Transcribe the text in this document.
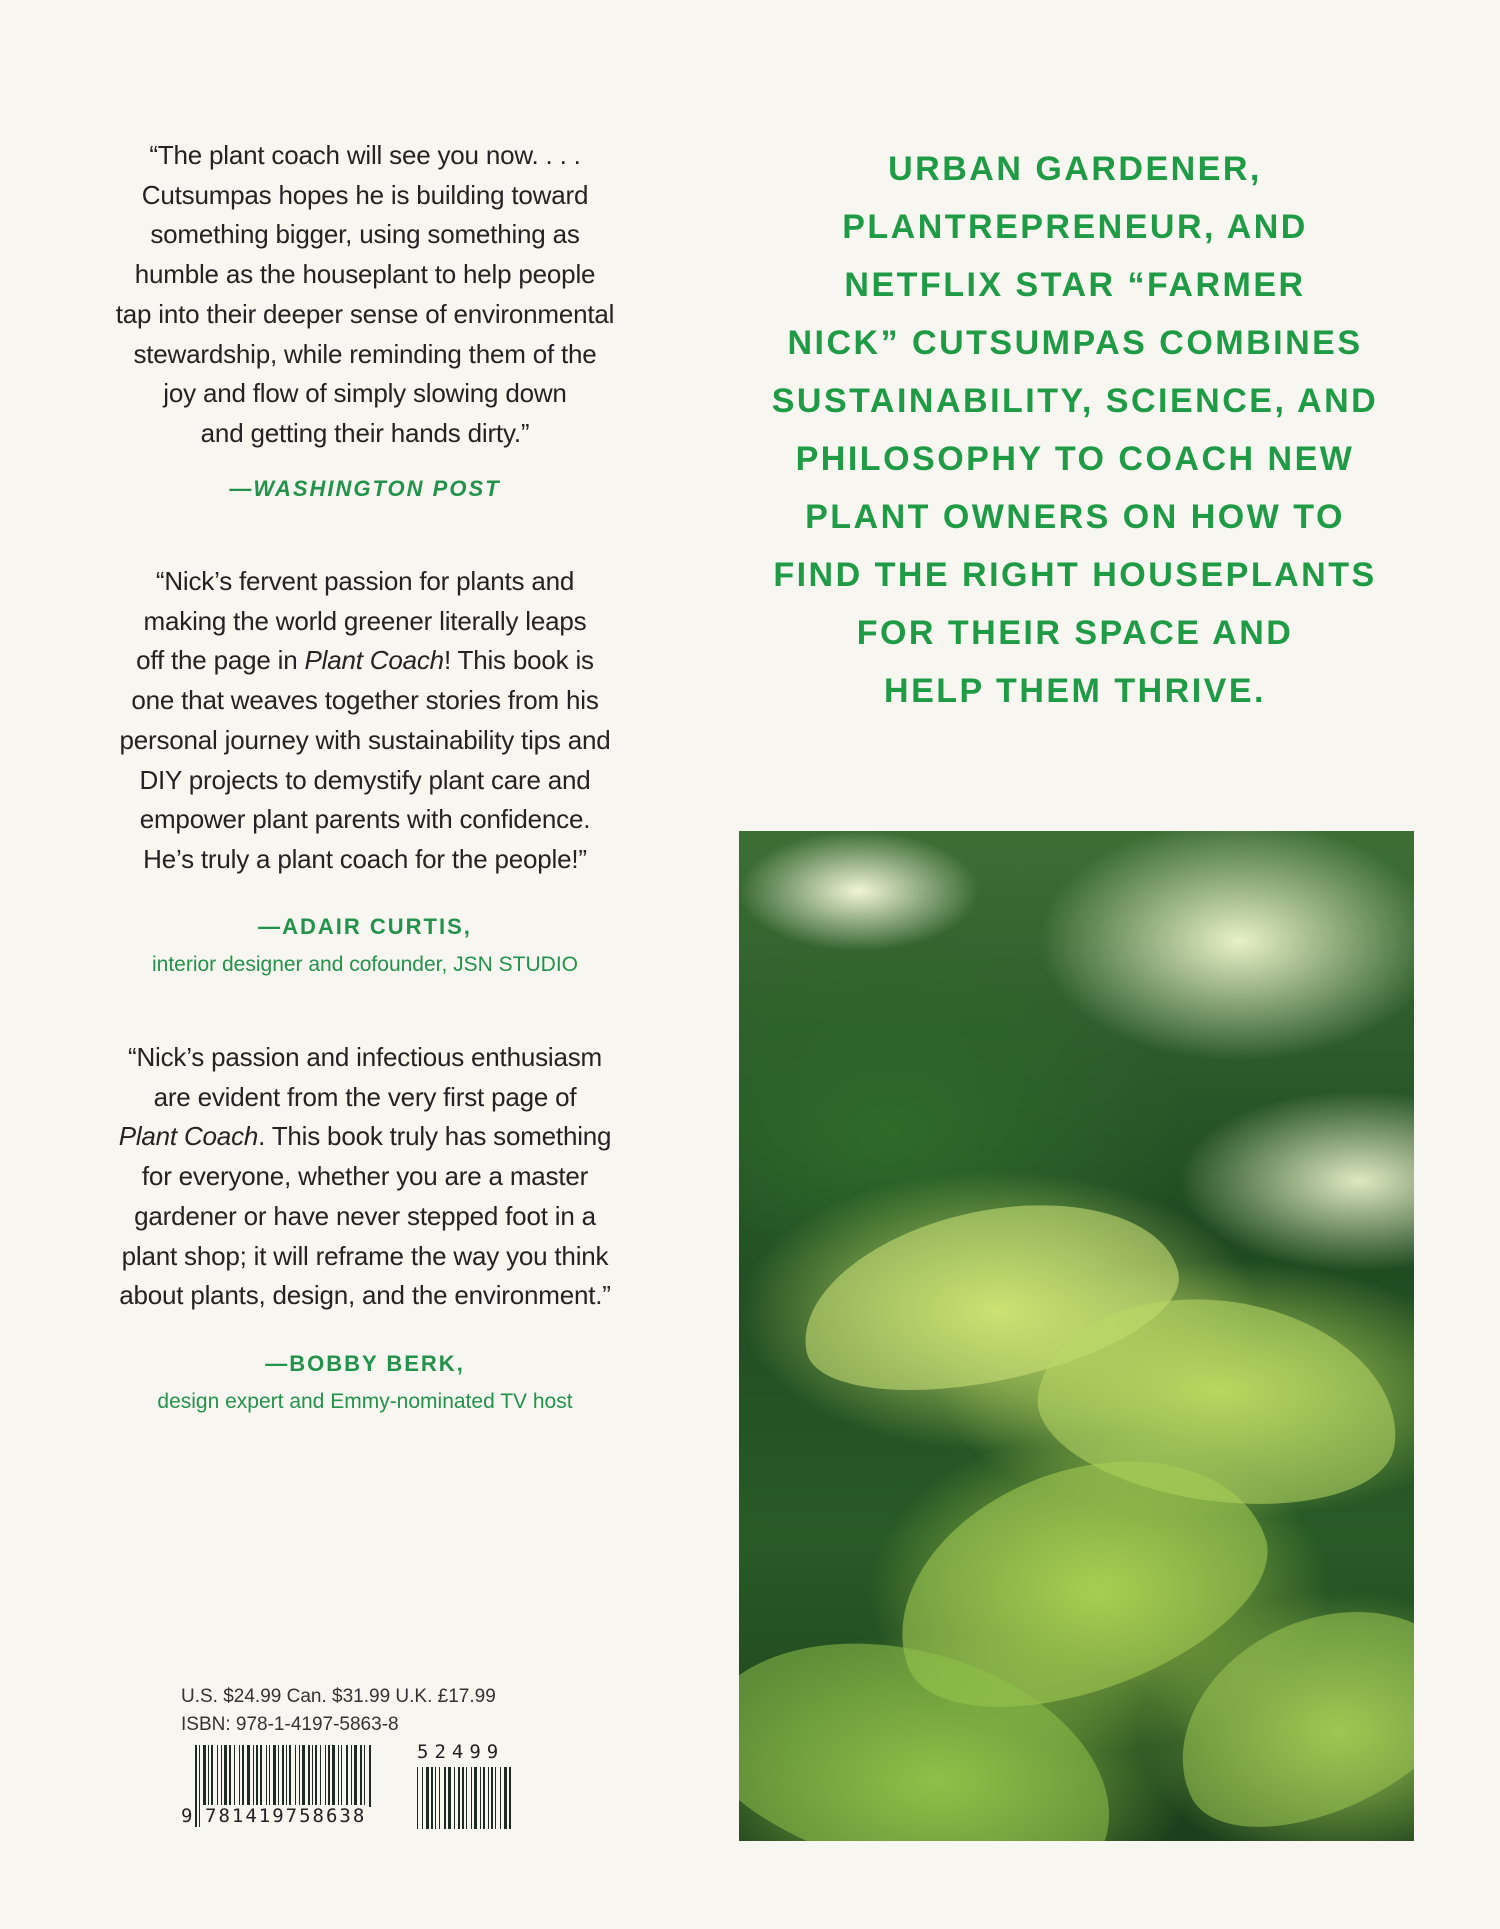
“The plant coach will see you now. . . .
Cutsumpas hopes he is building toward
something bigger, using something as
humble as the houseplant to help people
tap into their deeper sense of environmental
stewardship, while reminding them of the
joy and flow of simply slowing down
and getting their hands dirty.”
—WASHINGTON POST
“Nick’s fervent passion for plants and
making the world greener literally leaps
off the page in Plant Coach! This book is
one that weaves together stories from his
personal journey with sustainability tips and
DIY projects to demystify plant care and
empower plant parents with confidence.
He’s truly a plant coach for the people!”
—ADAIR CURTIS,
interior designer and cofounder, JSN STUDIO
“Nick’s passion and infectious enthusiasm
are evident from the very first page of
Plant Coach. This book truly has something
for everyone, whether you are a master
gardener or have never stepped foot in a
plant shop; it will reframe the way you think
about plants, design, and the environment.”
—BOBBY BERK,
design expert and Emmy-nominated TV host
URBAN GARDENER,
PLANTREPRENEUR, AND
NETFLIX STAR “FARMER
NICK” CUTSUMPAS COMBINES
SUSTAINABILITY, SCIENCE, AND
PHILOSOPHY TO COACH NEW
PLANT OWNERS ON HOW TO
FIND THE RIGHT HOUSEPLANTS
FOR THEIR SPACE AND
HELP THEM THRIVE.
U.S. $24.99 Can. $31.99 U.K. £17.99
ISBN: 978-1-4197-5863-8
9 781419758638
52499
